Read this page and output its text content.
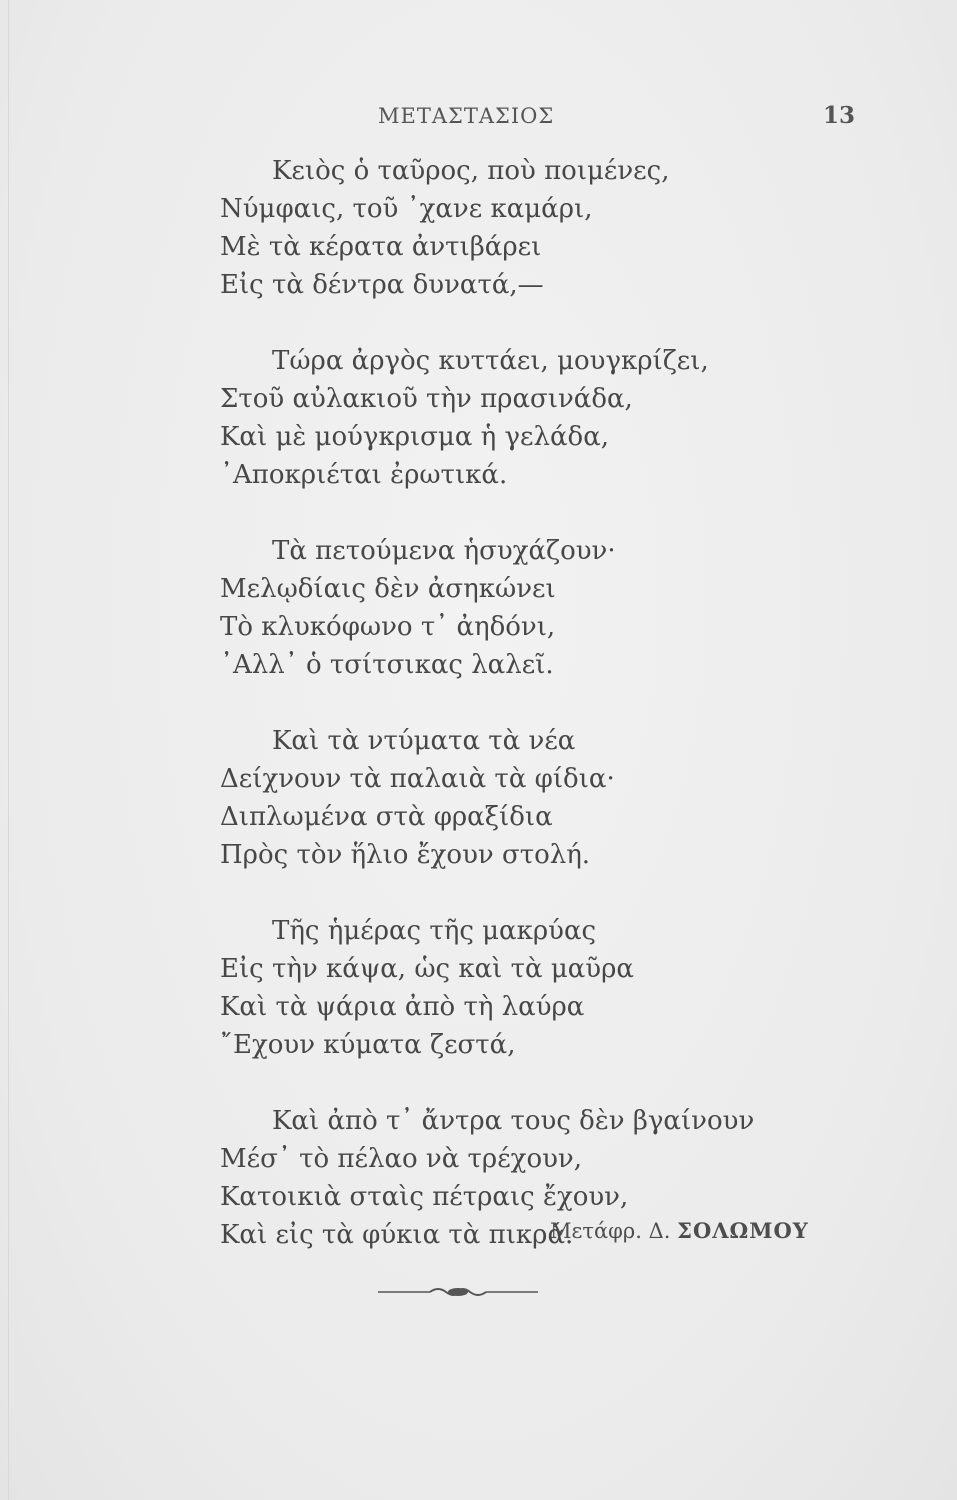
ΜΕΤΑΣΤΑΣΙΟΣ	13
Κειὸς ὁ ταῦρος, ποὺ ποιμένες,
Νύμφαις, τοῦ ᾽χανε καμάρι,
Μὲ τὰ κέρατα ἀντιβάρει
Εἰς τὰ δέντρα δυνατά,—
Τώρα ἀργὸς κυττάει, μουγκρίζει,
Στοῦ αὐλακιοῦ τὴν πρασινάδα,
Καὶ μὲ μούγκρισμα ἡ γελάδα,
᾿Αποκριέται ἐρωτικά.
Τὰ πετούμενα ἡσυχάζουν·
Μελῳδίαις δὲν ἀσηκώνει
Τὸ κλυκόφωνο τ᾽ ἀηδόνι,
᾿Αλλ᾽ ὁ τσίτσικας λαλεῖ.
Καὶ τὰ ντύματα τὰ νέα
Δείχνουν τὰ παλαιὰ τὰ φίδια·
Διπλωμένα στὰ φραξίδια
Πρὸς τὸν ἥλιο ἔχουν στολή.
Τῆς ἡμέρας τῆς μακρύας
Εἰς τὴν κάψα, ὡς καὶ τὰ μαῦρα
Καὶ τὰ ψάρια ἀπὸ τὴ λαύρα
῎Εχουν κύματα ζεστά,
Καὶ ἀπὸ τ᾽ ἄντρα τους δὲν βγαίνουν
Μέσ᾽ τὸ πέλαο νὰ τρέχουν,
Κατοικιὰ σταὶς πέτραις ἔχουν,
Καὶ εἰς τὰ φύκια τὰ πικρά.
Μετάφρ. Δ. ΣΟΛΩΜΟΥ
